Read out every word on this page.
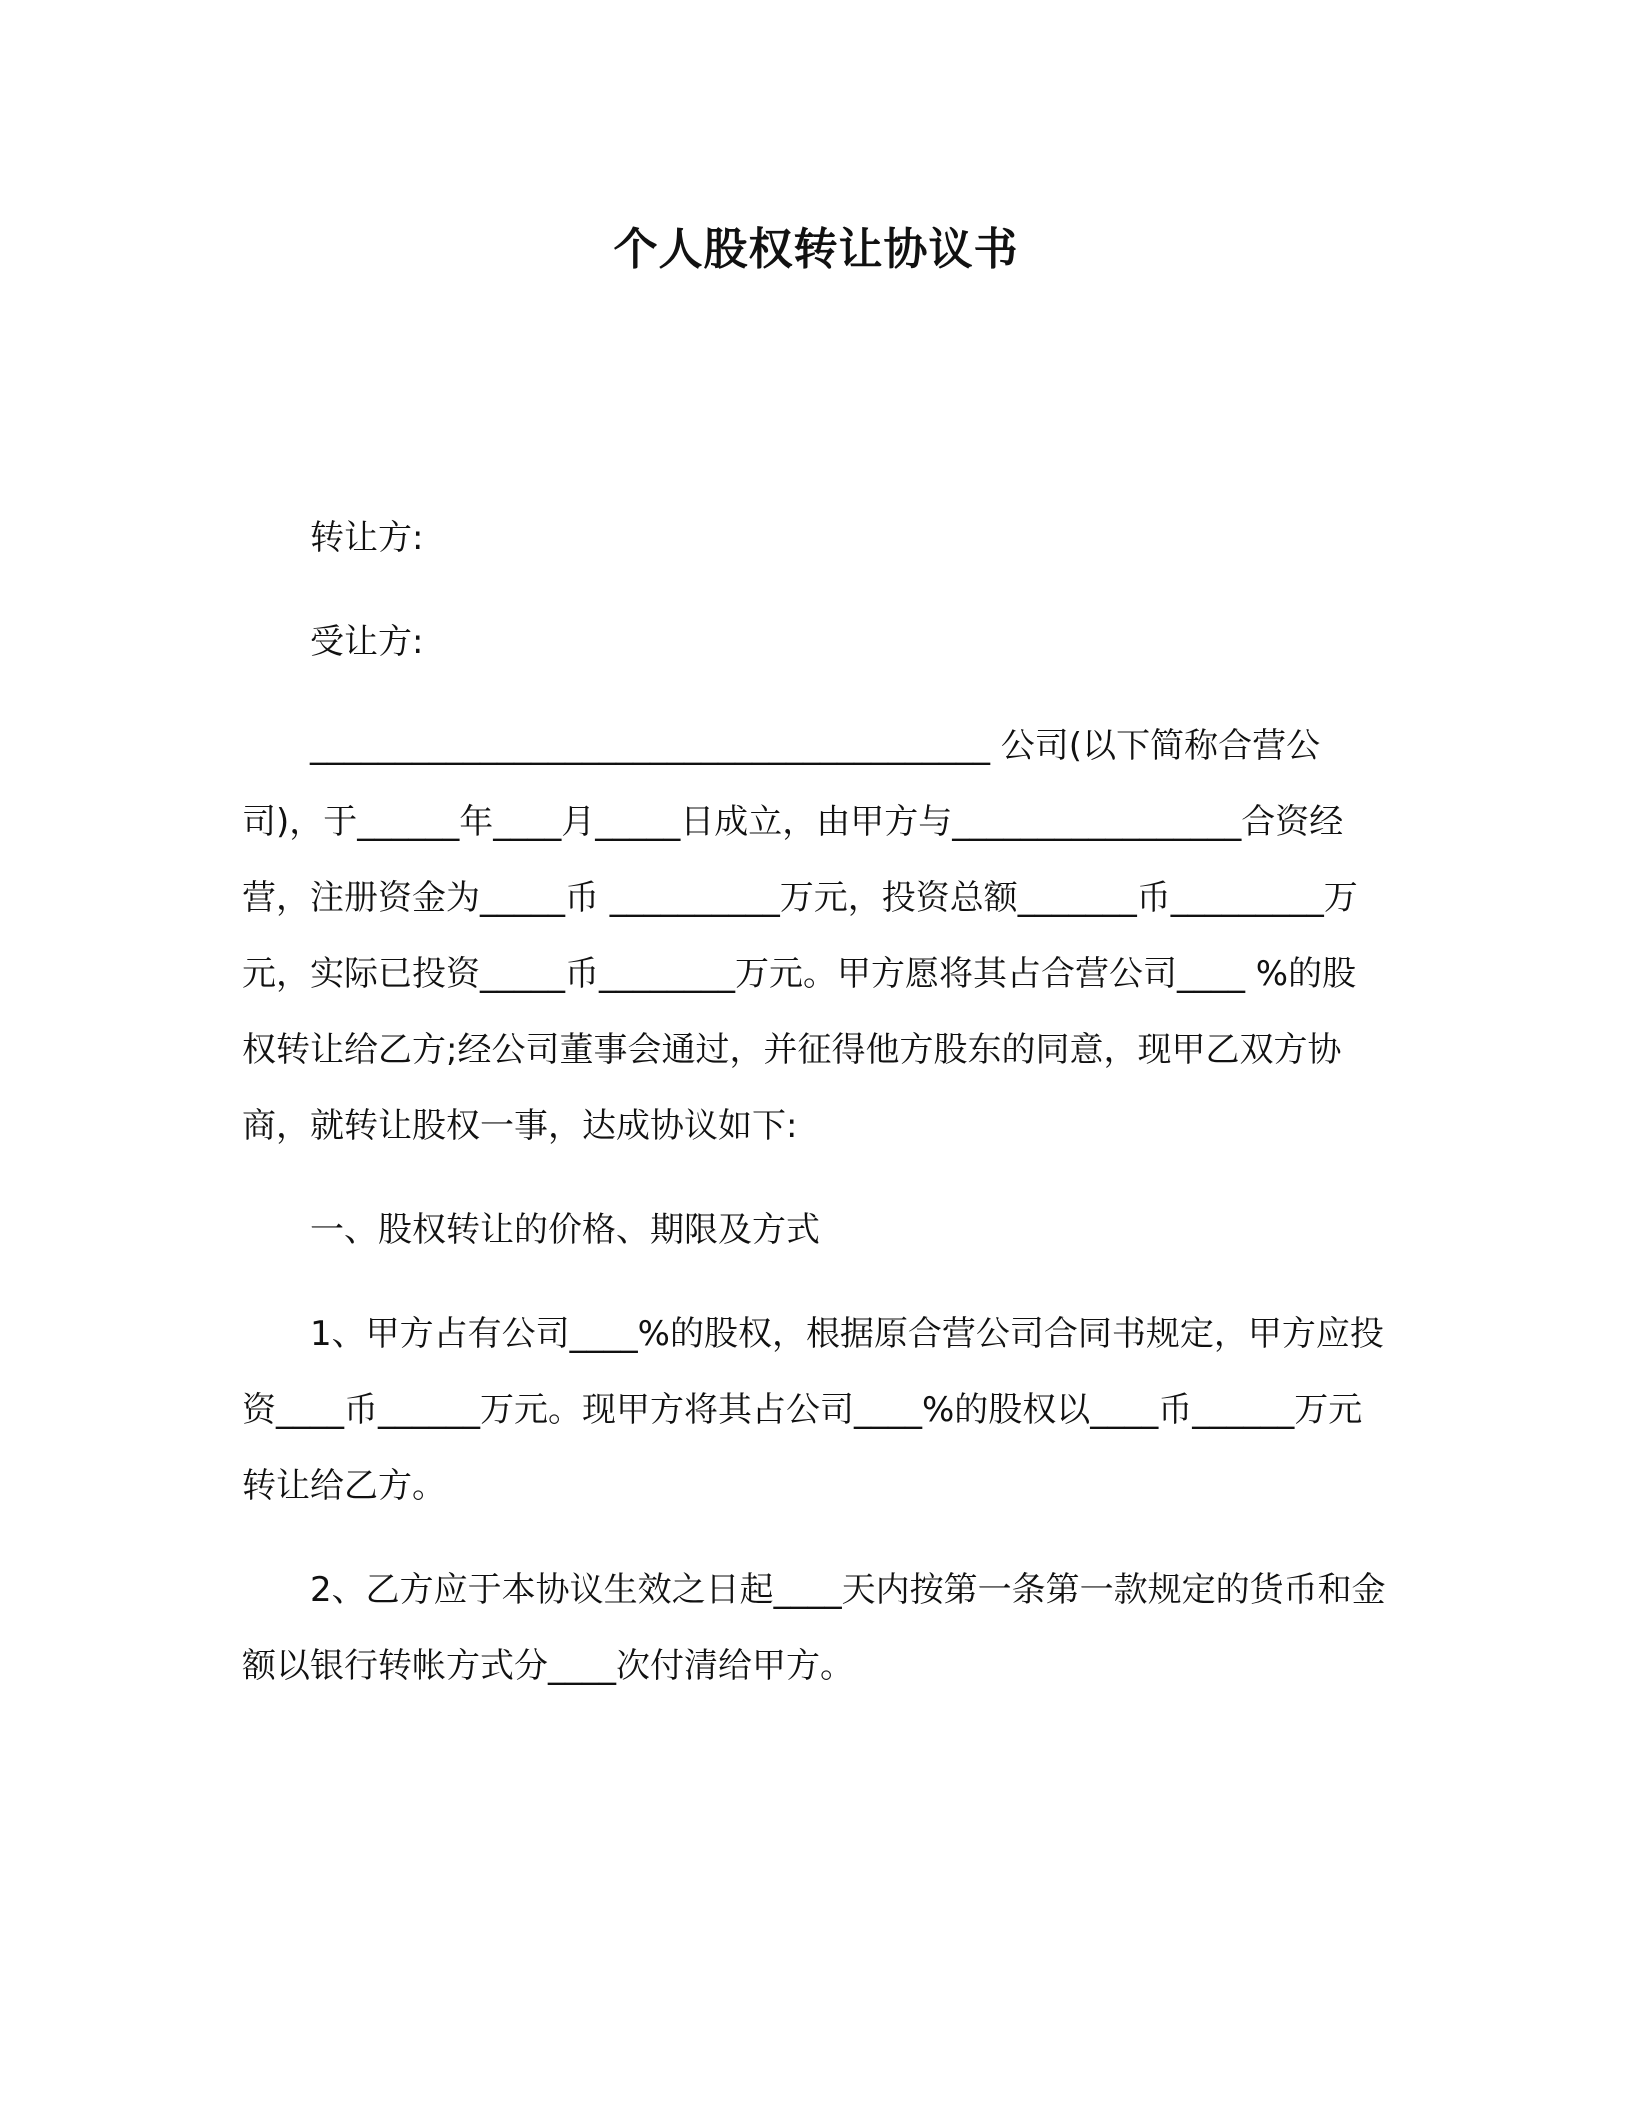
个人股权转让协议书

转让方:

受让方:

________________________________________ 公司(以下简称合营公司)，于______年____月_____日成立，由甲方与_________________合资经营，注册资金为_____币 __________万元，投资总额_______币_________万元，实际已投资_____币________万元。甲方愿将其占合营公司____ %的股权转让给乙方;经公司董事会通过，并征得他方股东的同意，现甲乙双方协商，就转让股权一事，达成协议如下:

一、股权转让的价格、期限及方式

1、甲方占有公司____%的股权，根据原合营公司合同书规定，甲方应投资____币______万元。现甲方将其占公司____%的股权以____币______万元转让给乙方。

2、乙方应于本协议生效之日起____天内按第一条第一款规定的货币和金额以银行转帐方式分____次付清给甲方。
